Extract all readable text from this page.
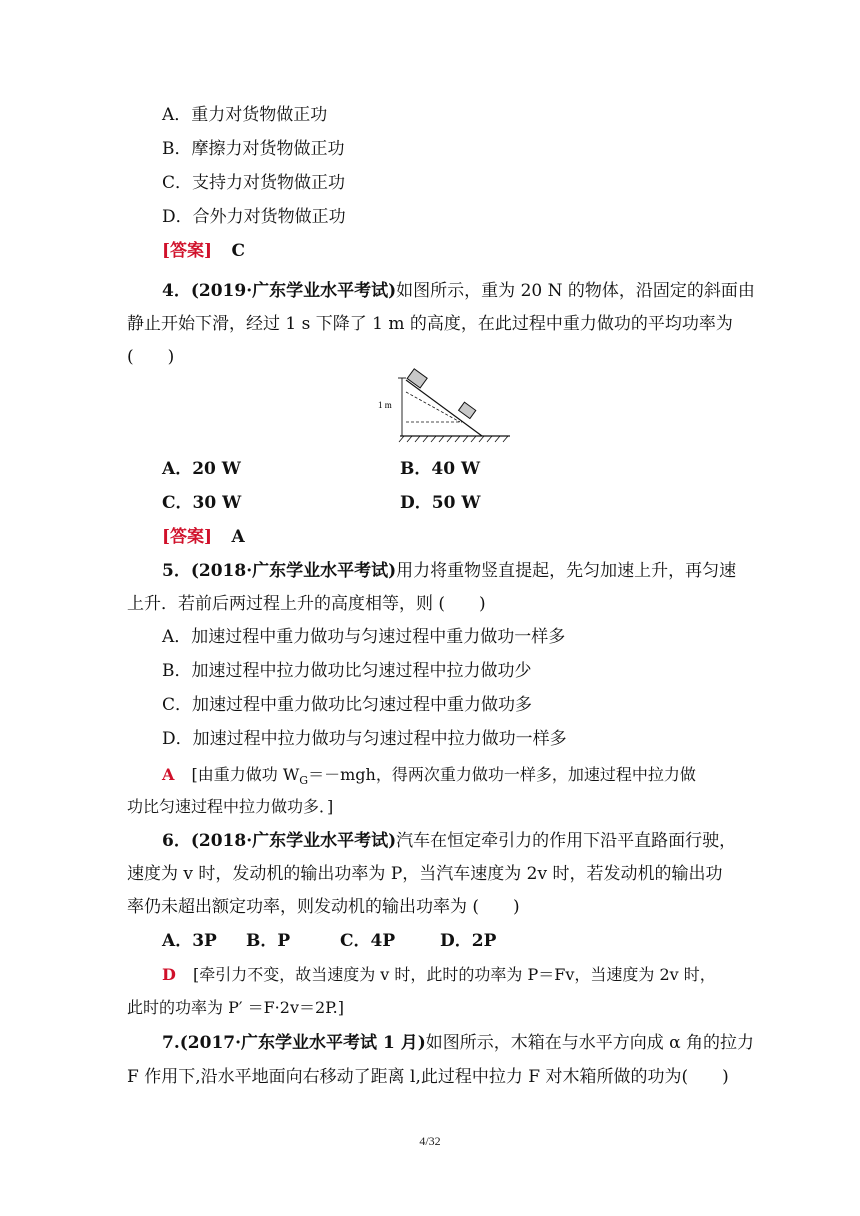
A．重力对货物做正功
B．摩擦力对货物做正功
C．支持力对货物做正功
D．合外力对货物做正功
[答案] C
4．(2019·广东学业水平考试)如图所示，重为 20 N 的物体，沿固定的斜面由
静止开始下滑，经过 1 s 下降了 1 m 的高度，在此过程中重力做功的平均功率为
(　　)
1 m
A．20 W	B．40 W
C．30 W	D．50 W
[答案] A
5．(2018·广东学业水平考试)用力将重物竖直提起，先匀加速上升，再匀速
上升．若前后两过程上升的高度相等，则 (　　)
A．加速过程中重力做功与匀速过程中重力做功一样多
B．加速过程中拉力做功比匀速过程中拉力做功少
C．加速过程中重力做功比匀速过程中重力做功多
D．加速过程中拉力做功与匀速过程中拉力做功一样多
A [由重力做功 $W_G=-mgh$，得两次重力做功一样多，加速过程中拉力做
功比匀速过程中拉力做功多．]
6．(2018·广东学业水平考试)汽车在恒定牵引力的作用下沿平直路面行驶，
速度为 v 时，发动机的输出功率为 P，当汽车速度为 2v 时，若发动机的输出功
率仍未超出额定功率，则发动机的输出功率为 (　　)
A．3P B．P	C．4P	D．2P
D [牵引力不变，故当速度为 v 时，此时的功率为 P＝Fv，当速度为 2v 时，
此时的功率为 P′ ＝F·2v＝2P.]
7.(2017·广东学业水平考试 1 月)如图所示，木箱在与水平方向成 α 角的拉力
F 作用下,沿水平地面向右移动了距离 l,此过程中拉力 F 对木箱所做的功为(　　)
4/32
